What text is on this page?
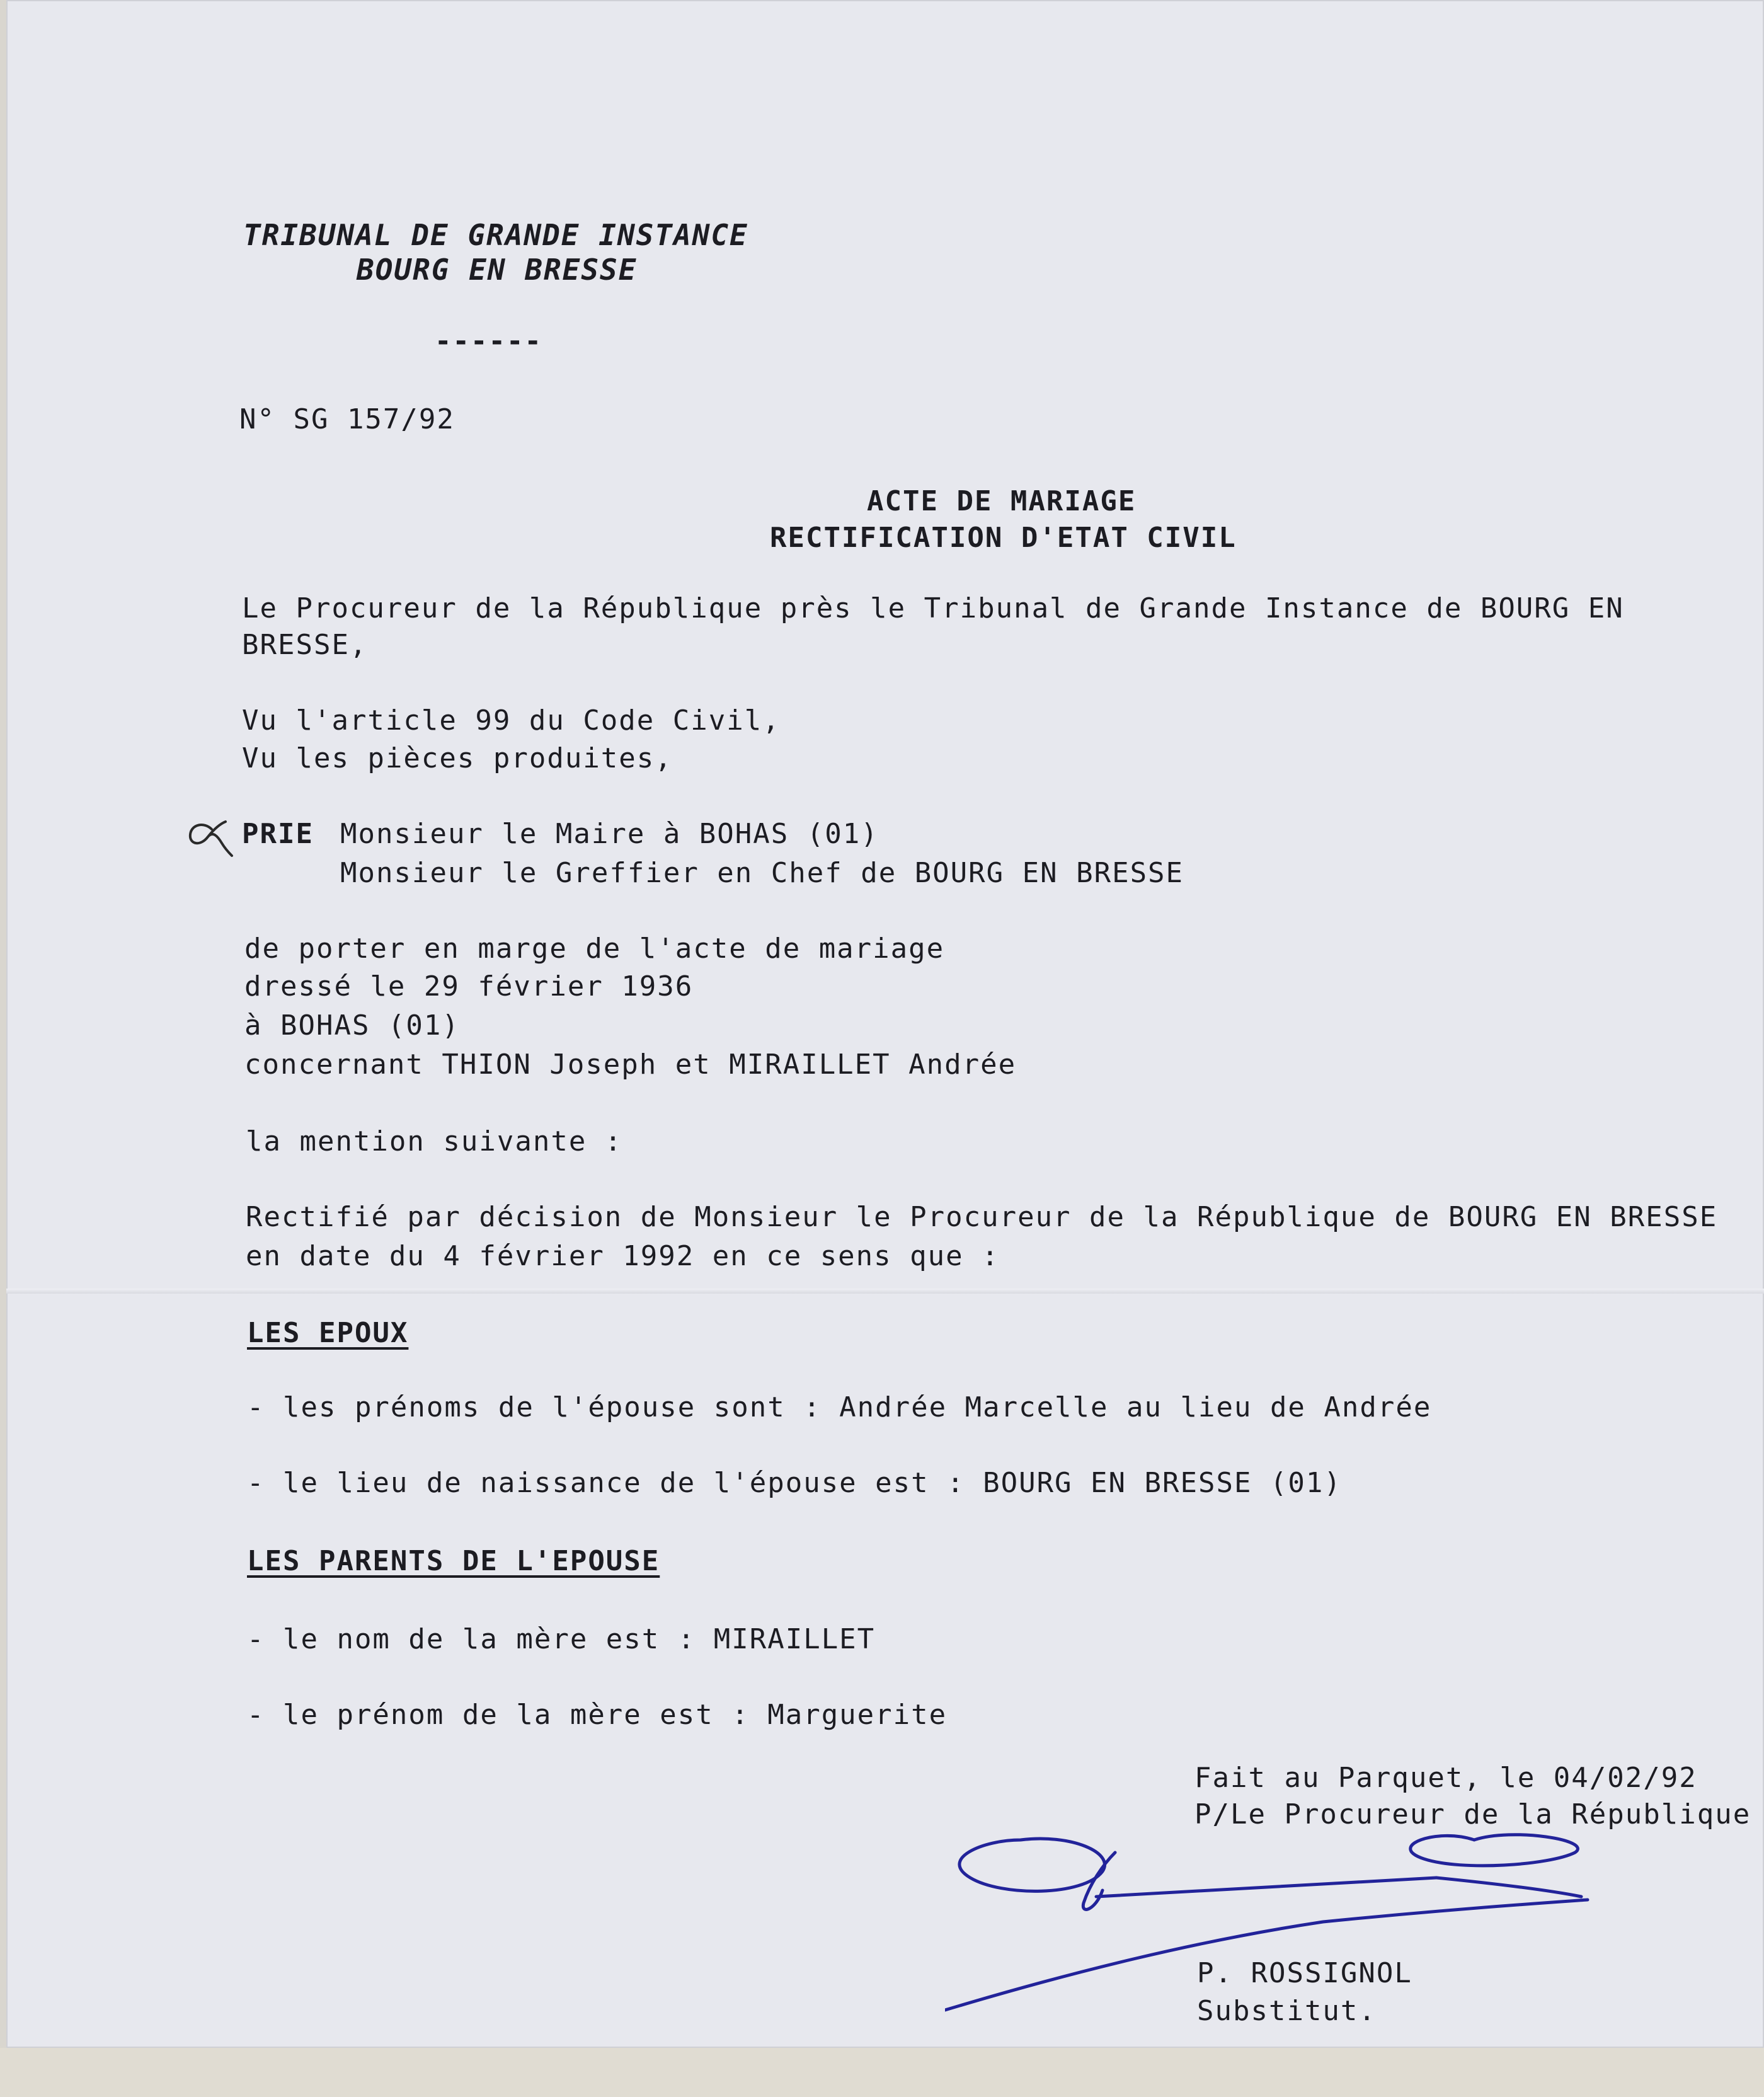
TRIBUNAL DE GRANDE INSTANCE
BOURG EN BRESSE
------
N° SG 157/92
ACTE DE MARIAGE
RECTIFICATION D'ETAT CIVIL
Le Procureur de la République près le Tribunal de Grande Instance de BOURG EN
BRESSE,
Vu l'article 99 du Code Civil,
Vu les pièces produites,
PRIE Monsieur le Maire à BOHAS (01)
Monsieur le Greffier en Chef de BOURG EN BRESSE
de porter en marge de l'acte de mariage
dressé le 29 février 1936
à BOHAS (01)
concernant THION Joseph et MIRAILLET Andrée
la mention suivante :
Rectifié par décision de Monsieur le Procureur de la République de BOURG EN BRESSE
en date du 4 février 1992 en ce sens que :
LES EPOUX
- les prénoms de l'épouse sont : Andrée Marcelle au lieu de Andrée
- le lieu de naissance de l'épouse est : BOURG EN BRESSE (01)
LES PARENTS DE L'EPOUSE
- le nom de la mère est : MIRAILLET
- le prénom de la mère est : Marguerite
Fait au Parquet, le 04/02/92
P/Le Procureur de la République
P. ROSSIGNOL
Substitut.
